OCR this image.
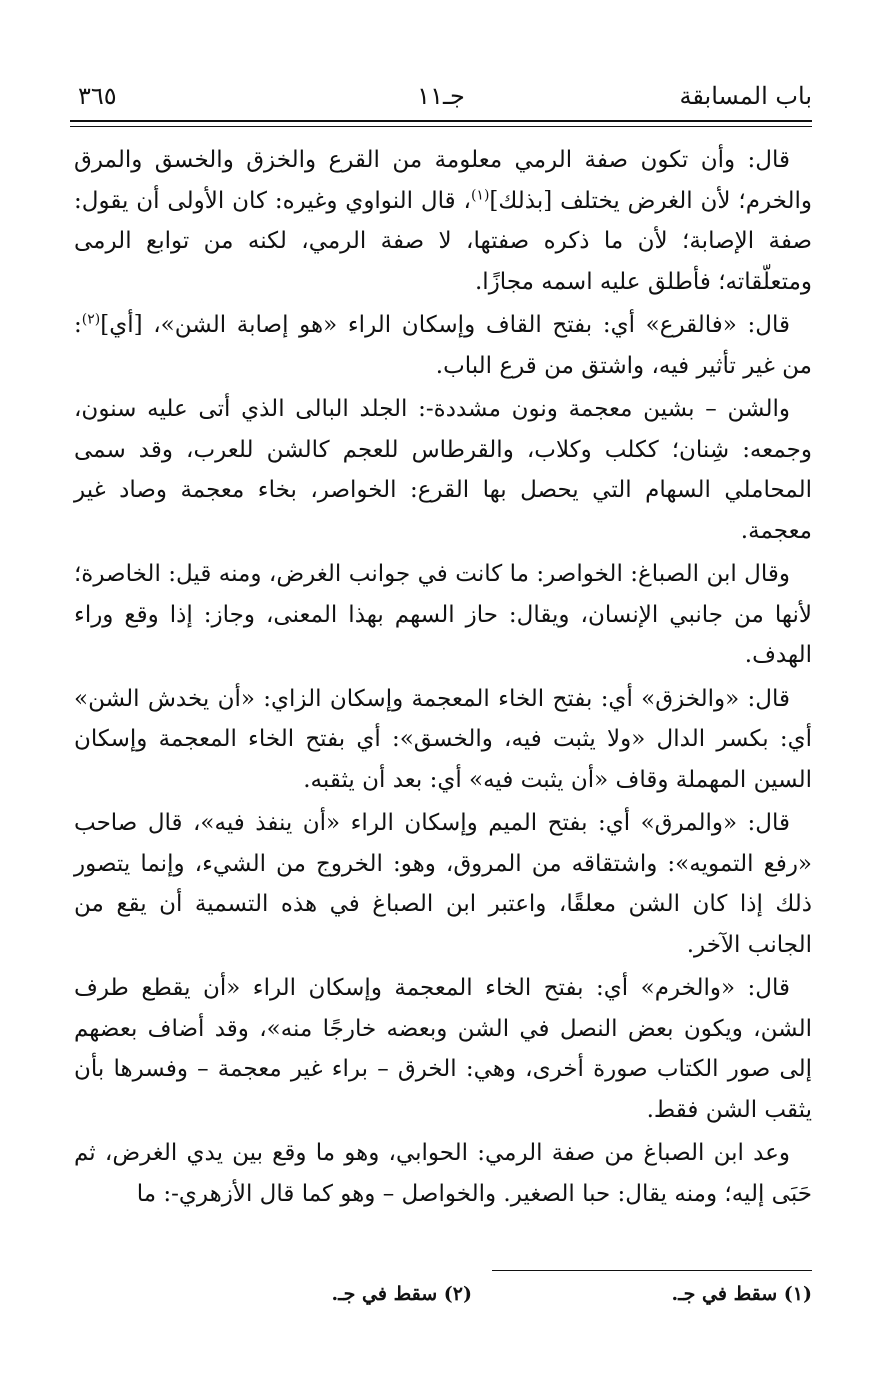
باب المسابقة
جـ١١
٣٦٥

قال: وأن تكون صفة الرمي معلومة من القرع والخزق والخسق والمرق والخرم؛ لأن الغرض يختلف [بذلك]$^{(١)}$، قال النواوي وغيره: كان الأولى أن يقول: صفة الإصابة؛ لأن ما ذكره صفتها، لا صفة الرمي، لكنه من توابع الرمى ومتعلّقاته؛ فأطلق عليه اسمه مجازًا.

قال: «فالقرع» أي: بفتح القاف وإسكان الراء «هو إصابة الشن»، [أي]$^{(٢)}$: من غير تأثير فيه، واشتق من قرع الباب.

والشن – بشين معجمة ونون مشددة-: الجلد البالى الذي أتى عليه سنون، وجمعه: شِنان؛ ككلب وكلاب، والقرطاس للعجم كالشن للعرب، وقد سمى المحاملي السهام التي يحصل بها القرع: الخواصر، بخاء معجمة وصاد غير معجمة.

وقال ابن الصباغ: الخواصر: ما كانت في جوانب الغرض، ومنه قيل: الخاصرة؛ لأنها من جانبي الإنسان، ويقال: حاز السهم بهذا المعنى، وجاز: إذا وقع وراء الهدف.

قال: «والخزق» أي: بفتح الخاء المعجمة وإسكان الزاي: «أن يخدش الشن» أي: بكسر الدال «ولا يثبت فيه، والخسق»: أي بفتح الخاء المعجمة وإسكان السين المهملة وقاف «أن يثبت فيه» أي: بعد أن يثقبه.

قال: «والمرق» أي: بفتح الميم وإسكان الراء «أن ينفذ فيه»، قال صاحب «رفع التمويه»: واشتقاقه من المروق، وهو: الخروج من الشيء، وإنما يتصور ذلك إذا كان الشن معلقًا، واعتبر ابن الصباغ في هذه التسمية أن يقع من الجانب الآخر.

قال: «والخرم» أي: بفتح الخاء المعجمة وإسكان الراء «أن يقطع طرف الشن، ويكون بعض النصل في الشن وبعضه خارجًا منه»، وقد أضاف بعضهم إلى صور الكتاب صورة أخرى، وهي: الخرق – براء غير معجمة – وفسرها بأن يثقب الشن فقط.

وعد ابن الصباغ من صفة الرمي: الحوابي، وهو ما وقع بين يدي الغرض، ثم حَبَى إليه؛ ومنه يقال: حبا الصغير. والخواصل – وهو كما قال الأزهري-: ما

(١) سقط في جـ.
(٢) سقط في جـ.
